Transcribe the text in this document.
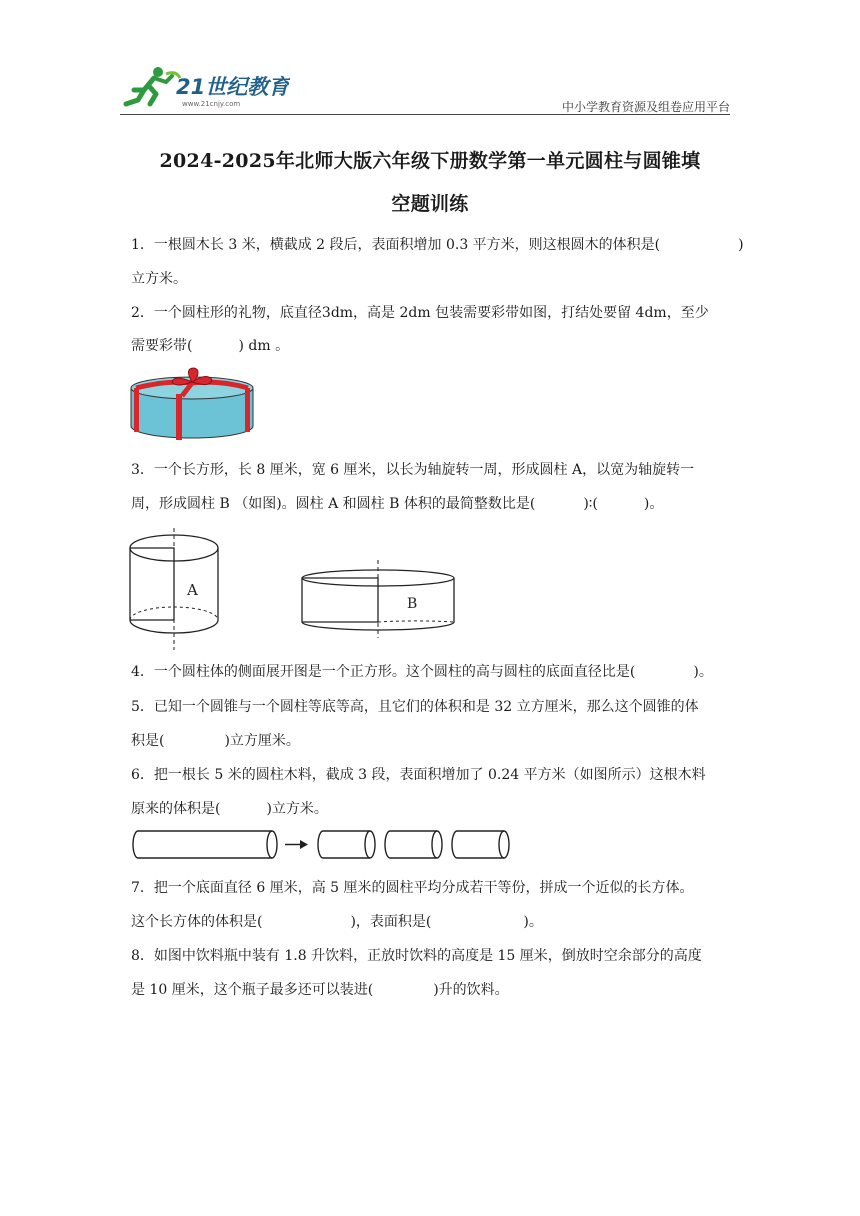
21世纪教育
www.21cnjy.com	中小学教育资源及组卷应用平台
2024-2025年北师大版六年级下册数学第一单元圆柱与圆锥填
空题训练
1．一根圆木长 3 米，横截成 2 段后，表面积增加 0.3 平方米，则这根圆木的体积是(	)
立方米。
2．一个圆柱形的礼物，底直径3dm，高是 2dm 包装需要彩带如图，打结处要留 4dm，至少
需要彩带(	) dm 。
3．一个长方形，长 8 厘米，宽 6 厘米，以长为轴旋转一周，形成圆柱 A，以宽为轴旋转一
周，形成圆柱 B （如图)。圆柱 A 和圆柱 B 体积的最简整数比是(	)∶(	)。
A
B
4．一个圆柱体的侧面展开图是一个正方形。这个圆柱的高与圆柱的底面直径比是(	)。
5．已知一个圆锥与一个圆柱等底等高，且它们的体积和是 32 立方厘米，那么这个圆锥的体
积是(	)立方厘米。
6．把一根长 5 米的圆柱木料，截成 3 段，表面积增加了 0.24 平方米（如图所示）这根木料
原来的体积是(	)立方米。
7．把一个底面直径 6 厘米，高 5 厘米的圆柱平均分成若干等份，拼成一个近似的长方体。
这个长方体的体积是(	)，表面积是(	)。
8．如图中饮料瓶中装有 1.8 升饮料，正放时饮料的高度是 15 厘米，倒放时空余部分的高度
是 10 厘米，这个瓶子最多还可以装进(	)升的饮料。
